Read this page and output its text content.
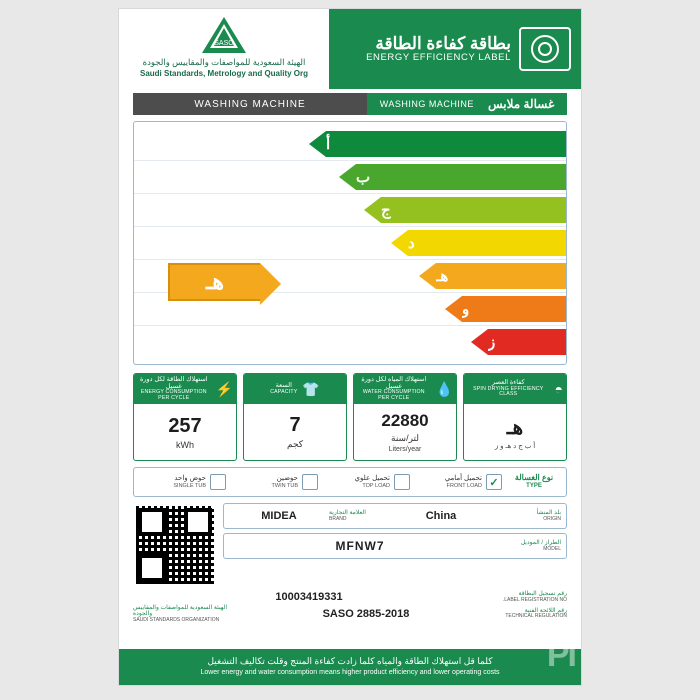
SASO
الهيئة السعودية للمواصفات والمقاييس والجودة
Saudi Standards, Metrology and Quality Org
بطاقة كفاءة الطاقة
ENERGY EFFICIENCY LABEL
WASHING MACHINE	غسالة ملابس
WASHING MACHINE
أ
ب
ج
د
هـ	هـ
و
ز
◓
كفاءة العصر
SPIN DRYING EFFICIENCY CLASS
هـ
أ ب ج د هـ و ز
💧
استهلاك المياه لكل دورة غسيل
WATER CONSUMPTION PER CYCLE
22880
لتر/سنة
Liters/year
👕
السعة
CAPACITY
7
كجم
⚡
استهلاك الطاقة لكل دورة غسيل
ENERGY CONSUMPTION PER CYCLE
257
kWh
نوع الغسالة
TYPE
✓
تحميل أمامي
FRONT LOAD
تحميل علوي
TOP LOAD
حوضين
TWIN TUB
حوض واحد
SINGLE TUB
بلد المنشأ
ORIGIN
China
العلامة التجارية
BRAND
MIDEA
الطراز / الموديل
MODEL
MFNW7
رقم تسجيل البطاقة
LABEL REGISTRATION NO.
10003419331
رقم اللائحة الفنية
TECHNICAL REGULATION
SASO 2885-2018
الهيئة السعودية للمواصفات والمقاييس والجودة
SAUDI STANDARDS ORGANIZATION
كلما قل استهلاك الطاقة والمياه كلما زادت كفاءة المنتج وقلت تكاليف التشغيل
Lower energy and water consumption means higher product efficiency and lower operating costs	PI
